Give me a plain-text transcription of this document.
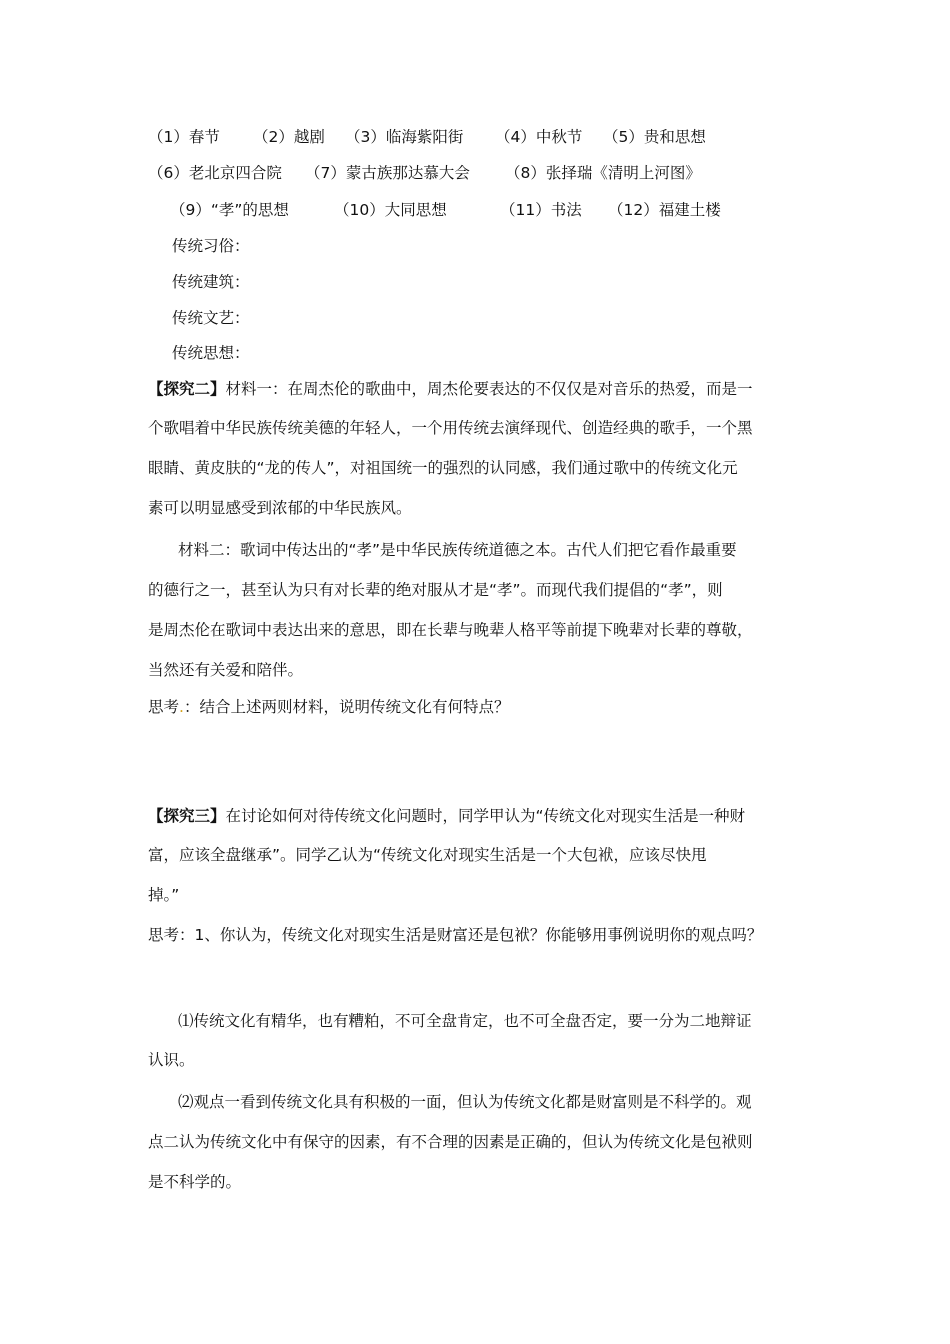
（1）春节 （2）越剧 （3）临海紫阳街 （4）中秋节 （5）贵和思想
（6）老北京四合院 （7）蒙古族那达慕大会 （8）张择瑞《清明上河图》
（9）“孝”的思想	（10）大同思想	（11）书法 （12）福建土楼
传统习俗：
传统建筑：
传统文艺：
传统思想：
【探究二】材料一：在周杰伦的歌曲中，周杰伦要表达的不仅仅是对音乐的热爱，而是一
个歌唱着中华民族传统美德的年轻人，一个用传统去演绎现代、创造经典的歌手，一个黑
眼睛、黄皮肤的“龙的传人”，对祖国统一的强烈的认同感，我们通过歌中的传统文化元
素可以明显感受到浓郁的中华民族风。
材料二：歌词中传达出的“孝”是中华民族传统道德之本。古代人们把它看作最重要
的德行之一，甚至认为只有对长辈的绝对服从才是“孝”。而现代我们提倡的“孝”，则
是周杰伦在歌词中表达出来的意思，即在长辈与晚辈人格平等前提下晚辈对长辈的尊敬，
当然还有关爱和陪伴。
思考.：结合上述两则材料，说明传统文化有何特点？
【探究三】在讨论如何对待传统文化问题时，同学甲认为“传统文化对现实生活是一种财
富，应该全盘继承”。同学乙认为“传统文化对现实生活是一个大包袱，应该尽快甩
掉。”
思考：1、你认为，传统文化对现实生活是财富还是包袱？你能够用事例说明你的观点吗？
⑴传统文化有精华，也有糟粕，不可全盘肯定，也不可全盘否定，要一分为二地辩证
认识。
⑵观点一看到传统文化具有积极的一面，但认为传统文化都是财富则是不科学的。观
点二认为传统文化中有保守的因素，有不合理的因素是正确的，但认为传统文化是包袱则
是不科学的。
